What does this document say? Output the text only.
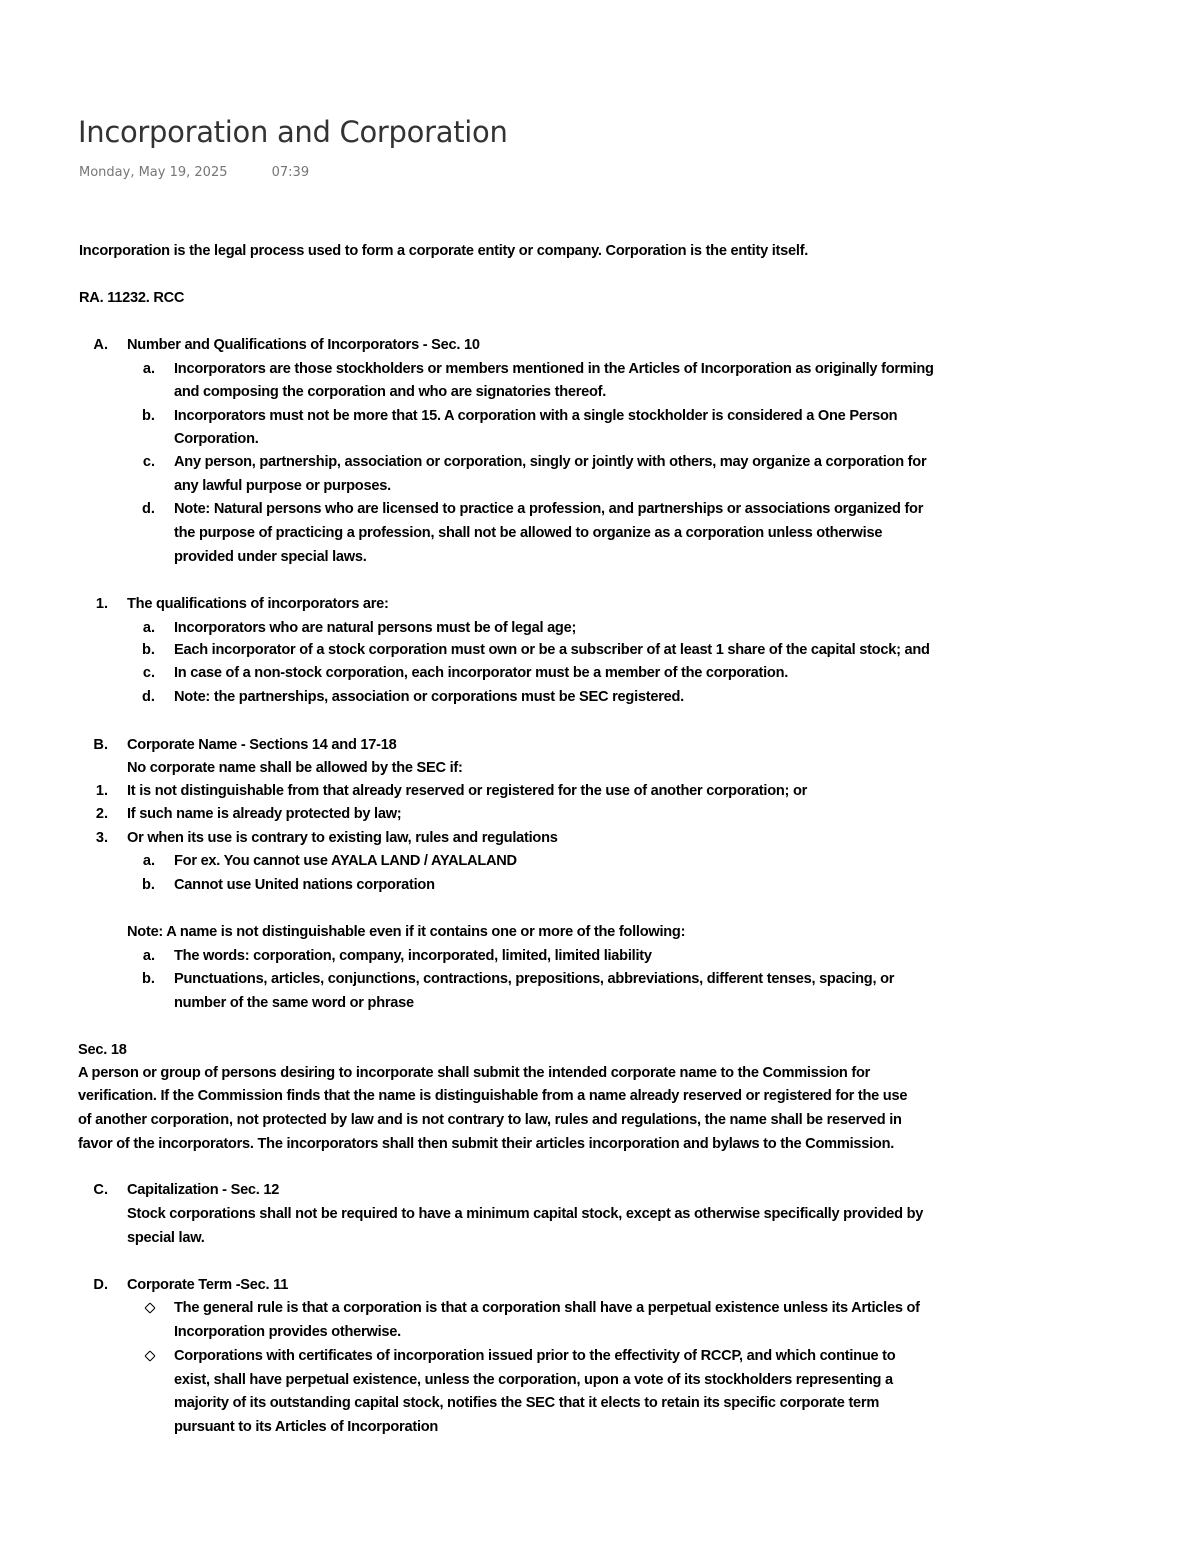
Incorporation and Corporation
Monday, May 19, 2025	07:39
Incorporation is the legal process used to form a corporate entity or company. Corporation is the entity itself.
RA. 11232. RCC
A. Number and Qualifications of Incorporators - Sec. 10
a. Incorporators are those stockholders or members mentioned in the Articles of Incorporation as originally forming
and composing the corporation and who are signatories thereof.
b. Incorporators must not be more that 15. A corporation with a single stockholder is considered a One Person
Corporation.
c. Any person, partnership, association or corporation, singly or jointly with others, may organize a corporation for
any lawful purpose or purposes.
d. Note: Natural persons who are licensed to practice a profession, and partnerships or associations organized for
the purpose of practicing a profession, shall not be allowed to organize as a corporation unless otherwise
provided under special laws.
1. The qualifications of incorporators are:
a. Incorporators who are natural persons must be of legal age;
b. Each incorporator of a stock corporation must own or be a subscriber of at least 1 share of the capital stock; and
c. In case of a non-stock corporation, each incorporator must be a member of the corporation.
d. Note: the partnerships, association or corporations must be SEC registered.
B. Corporate Name - Sections 14 and 17-18
No corporate name shall be allowed by the SEC if:
1. It is not distinguishable from that already reserved or registered for the use of another corporation; or
2. If such name is already protected by law;
3. Or when its use is contrary to existing law, rules and regulations
a. For ex. You cannot use AYALA LAND / AYALALAND
b. Cannot use United nations corporation
Note: A name is not distinguishable even if it contains one or more of the following:
a. The words: corporation, company, incorporated, limited, limited liability
b. Punctuations, articles, conjunctions, contractions, prepositions, abbreviations, different tenses, spacing, or
number of the same word or phrase
Sec. 18
A person or group of persons desiring to incorporate shall submit the intended corporate name to the Commission for
verification. If the Commission finds that the name is distinguishable from a name already reserved or registered for the use
of another corporation, not protected by law and is not contrary to law, rules and regulations, the name shall be reserved in
favor of the incorporators. The incorporators shall then submit their articles incorporation and bylaws to the Commission.
C. Capitalization - Sec. 12
Stock corporations shall not be required to have a minimum capital stock, except as otherwise specifically provided by
special law.
D. Corporate Term -Sec. 11
The general rule is that a corporation is that a corporation shall have a perpetual existence unless its Articles of
Incorporation provides otherwise.
Corporations with certificates of incorporation issued prior to the effectivity of RCCP, and which continue to
exist, shall have perpetual existence, unless the corporation, upon a vote of its stockholders representing a
majority of its outstanding capital stock, notifies the SEC that it elects to retain its specific corporate term
pursuant to its Articles of Incorporation
